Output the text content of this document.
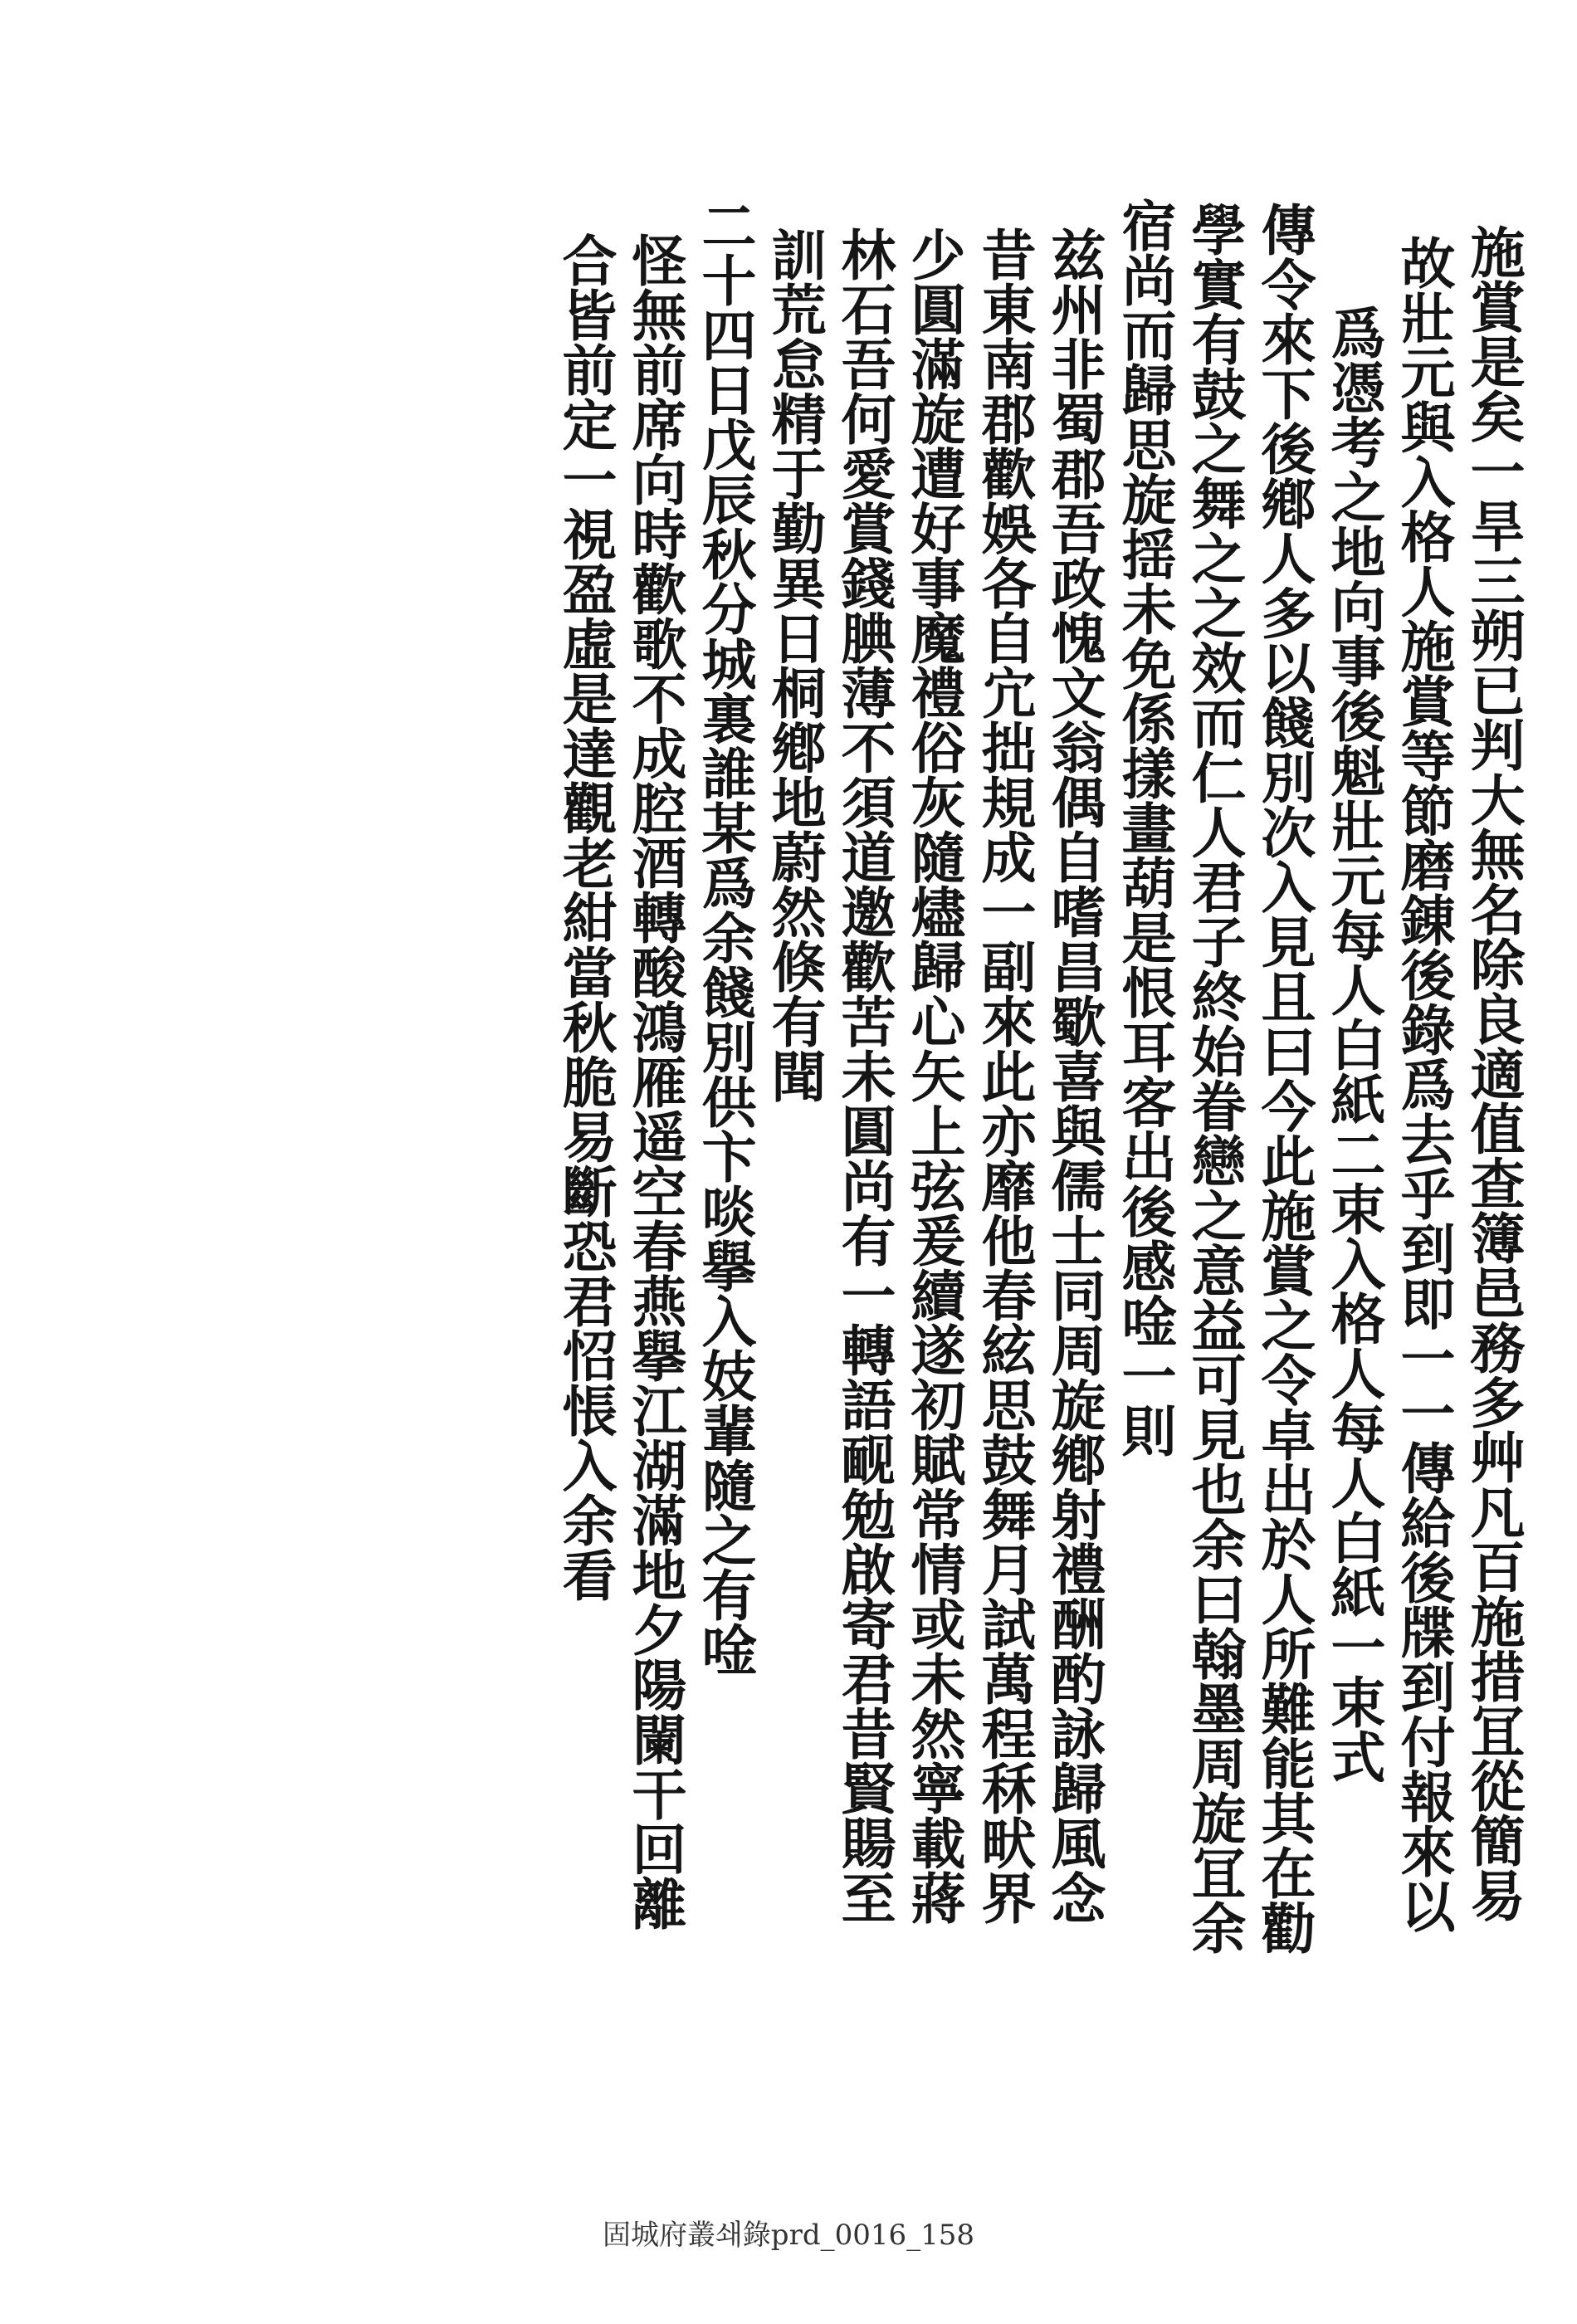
施賞是矣一旱三朔已判大無名除良適值查簿邑務多艸凡百施措冝從簡易

故壯元與入格人施賞等節磨錬後錄爲去乎到即一一傳給後牒到付報來以

爲憑考之地向事後魁壯元每人白紙二束入格人每人白紙一束式

傳令來下後鄕人多以餞別次入見且曰今此施賞之令卓出於人所難能其在勸

學實有鼓之舞之之效而仁人君子終始眷戀之意益可見也余曰翰墨周旋冝余

宿尚而歸思旋揺未免係㨾畫葫是恨耳客出後感唫一則

兹州非蜀郡吾政愧文翁偶自嗜昌歜喜與儒士同周旋鄕射禮酬酌詠歸風念

昔東南郡歡娛各自宂拙規成一副來此亦靡他春絃思鼓舞月試萬程秝畎界

少圓滿旋遭好事魔禮俗灰隨燼歸心矢上弦爰續遂初賦常情或未然寧載蔣

林石吾何愛賞錢腆薄不須道邀歡苦未圓尚有一轉語䩄勉啟寄君昔賢𧶽至

訓荒怠精于勤異日桐鄕地蔚然倏有聞

二十四日戊辰秋分城裏誰某爲余餞別供卞啖擧入妓輩隨之有唫

怪無前席向時歡歌不成腔酒轉酸鴻雁遥空春燕擧江湖滿地夕陽闌干回離

合皆前定一視盈虛是達觀老紺當秋脆易斷恐君怊悵入余看

固城府叢쇄錄prd_0016_158
